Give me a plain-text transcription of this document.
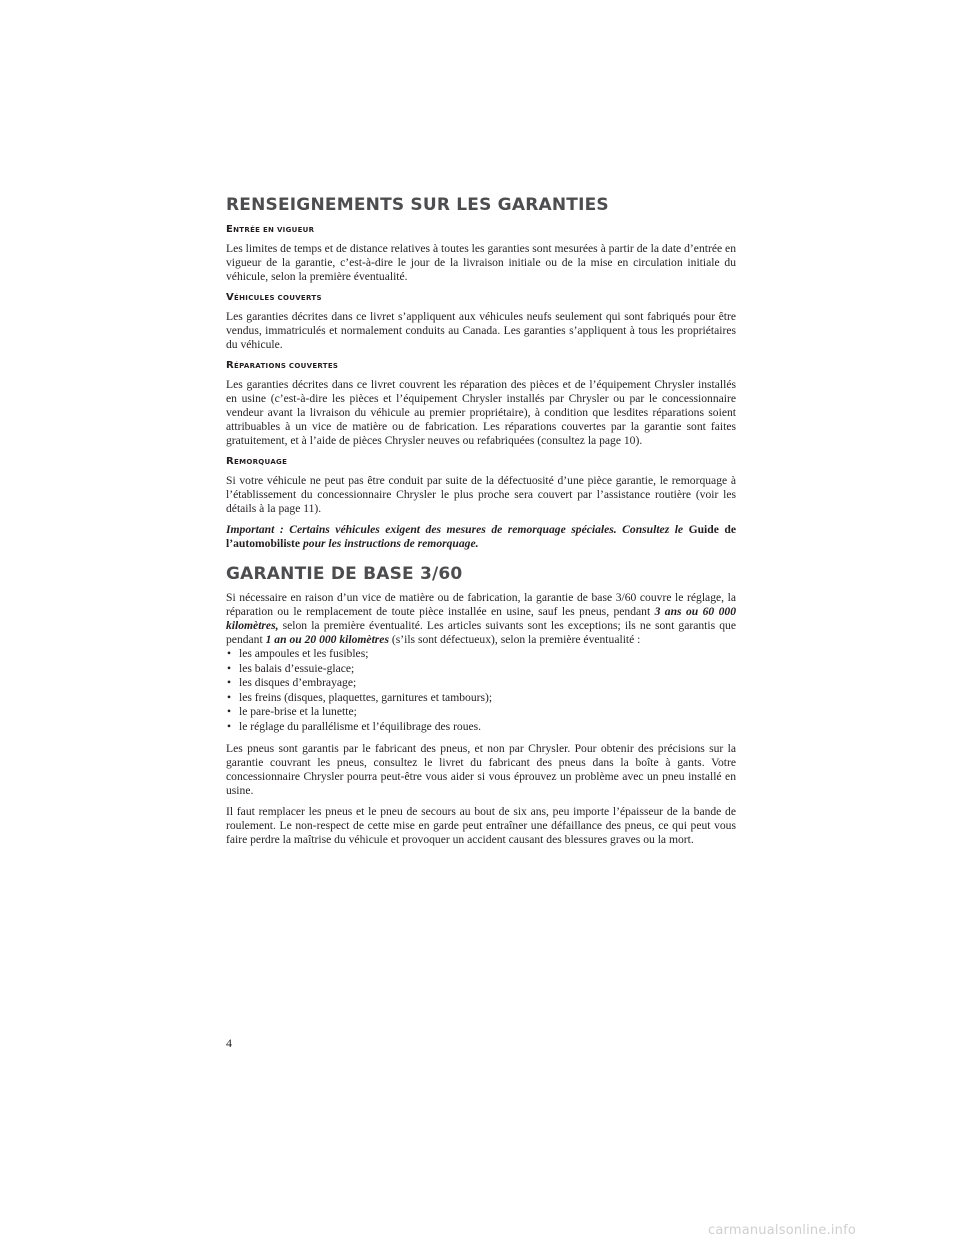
RENSEIGNEMENTS SUR LES GARANTIES
ENTRÉE EN VIGUEUR

Les limites de temps et de distance relatives à toutes les garanties sont mesurées à partir de la date d’entrée en vigueur de la garantie, c’est-à-dire le jour de la livraison initiale ou de la mise en circulation initiale du véhicule, selon la première éventualité.

VÉHICULES COUVERTS

Les garanties décrites dans ce livret s’appliquent aux véhicules neufs seulement qui sont fabriqués pour être vendus, immatriculés et normalement conduits au Canada. Les garanties s’appliquent à tous les propriétaires du véhicule.

RÉPARATIONS COUVERTES

Les garanties décrites dans ce livret couvrent les réparation des pièces et de l’équipement Chrysler installés en usine (c’est-à-dire les pièces et l’équipement Chrysler installés par Chrysler ou par le concessionnaire vendeur avant la livraison du véhicule au premier propriétaire), à condition que lesdites réparations soient attribuables à un vice de matière ou de fabrication. Les réparations couvertes par la garantie sont faites gratuitement, et à l’aide de pièces Chrysler neuves ou refabriquées (consultez la page 10).

REMORQUAGE

Si votre véhicule ne peut pas être conduit par suite de la défectuosité d’une pièce garantie, le remorquage à l’établissement du concessionnaire Chrysler le plus proche sera couvert par l’assistance routière (voir les détails à la page 11).

Important : Certains véhicules exigent des mesures de remorquage spéciales. Consultez le Guide de l’automobiliste pour les instructions de remorquage.

GARANTIE DE BASE 3/60

Si nécessaire en raison d’un vice de matière ou de fabrication, la garantie de base 3/60 couvre le réglage, la réparation ou le remplacement de toute pièce installée en usine, sauf les pneus, pendant 3 ans ou 60 000 kilomètres, selon la première éventualité. Les articles suivants sont les exceptions; ils ne sont garantis que pendant 1 an ou 20 000 kilomètres (s’ils sont défectueux), selon la première éventualité :

• les ampoules et les fusibles;
• les balais d’essuie-glace;
• les disques d’embrayage;
• les freins (disques, plaquettes, garnitures et tambours);
• le pare-brise et la lunette;
• le réglage du parallélisme et l’équilibrage des roues.

Les pneus sont garantis par le fabricant des pneus, et non par Chrysler. Pour obtenir des précisions sur la garantie couvrant les pneus, consultez le livret du fabricant des pneus dans la boîte à gants. Votre concessionnaire Chrysler pourra peut-être vous aider si vous éprouvez un problème avec un pneu installé en usine.

Il faut remplacer les pneus et le pneu de secours au bout de six ans, peu importe l’épaisseur de la bande de roulement. Le non-respect de cette mise en garde peut entraîner une défaillance des pneus, ce qui peut vous faire perdre la maîtrise du véhicule et provoquer un accident causant des blessures graves ou la mort.

4
carmanualsonline.info
